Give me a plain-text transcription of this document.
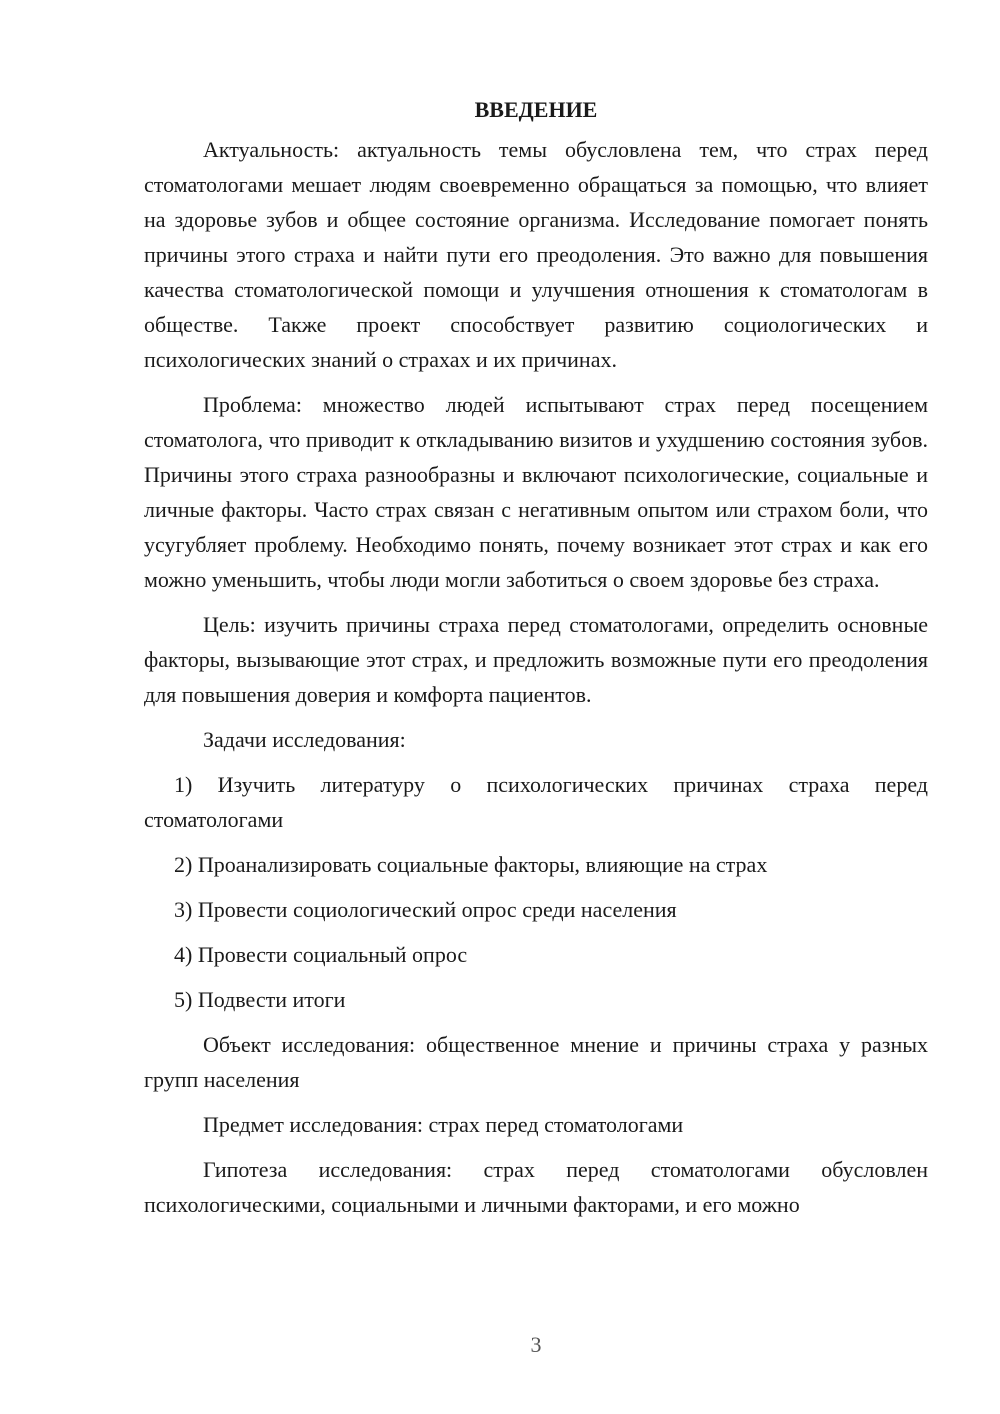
ВВЕДЕНИЕ

Актуальность: актуальность темы обусловлена тем, что страх перед стоматологами мешает людям своевременно обращаться за помощью, что влияет на здоровье зубов и общее состояние организма. Исследование помогает понять причины этого страха и найти пути его преодоления. Это важно для повышения качества стоматологической помощи и улучшения отношения к стоматологам в обществе. Также проект способствует развитию социологических и психологических знаний о страхах и их причинах.

Проблема: множество людей испытывают страх перед посещением стоматолога, что приводит к откладыванию визитов и ухудшению состояния зубов. Причины этого страха разнообразны и включают психологические, социальные и личные факторы. Часто страх связан с негативным опытом или страхом боли, что усугубляет проблему. Необходимо понять, почему возникает этот страх и как его можно уменьшить, чтобы люди могли заботиться о своем здоровье без страха.

Цель: изучить причины страха перед стоматологами, определить основные факторы, вызывающие этот страх, и предложить возможные пути его преодоления для повышения доверия и комфорта пациентов.

Задачи исследования:

1) Изучить литературу о психологических причинах страха перед стоматологами

2) Проанализировать социальные факторы, влияющие на страх

3) Провести социологический опрос среди населения

4) Провести социальный опрос

5) Подвести итоги

Объект исследования: общественное мнение и причины страха у разных групп населения

Предмет исследования: страх перед стоматологами

Гипотеза исследования: страх перед стоматологами обусловлен психологическими, социальными и личными факторами, и его можно

3
